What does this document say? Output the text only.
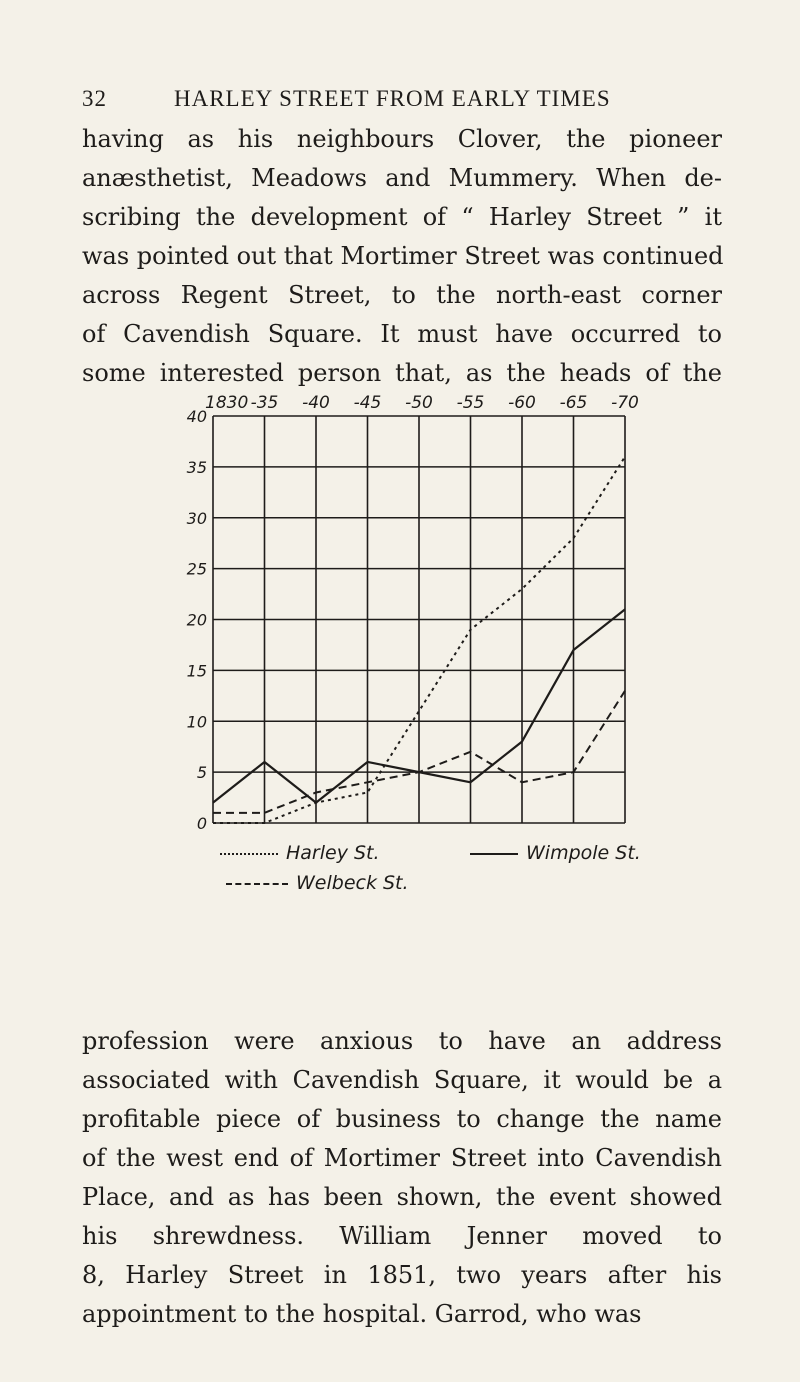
32	HARLEY STREET FROM EARLY TIMES
having as his neighbours Clover, the pioneer
anæsthetist, Meadows and Mummery. When de-
scribing the development of “ Harley Street ” it
was pointed out that Mortimer Street was continued
across Regent Street, to the north-east corner
of Cavendish Square. It must have occurred to
some interested person that, as the heads of the
1830 -35 -40 -45 -50 -55 -60 -65 -70
40
35
30
25
20
15
10
5
0
Harley St.	Wimpole St.
Welbeck St.
profession were anxious to have an address
associated with Cavendish Square, it would be a
profitable piece of business to change the name
of the west end of Mortimer Street into Cavendish
Place, and as has been shown, the event showed
his shrewdness. William Jenner moved to
8, Harley Street in 1851, two years after his
appointment to the hospital. Garrod, who was
